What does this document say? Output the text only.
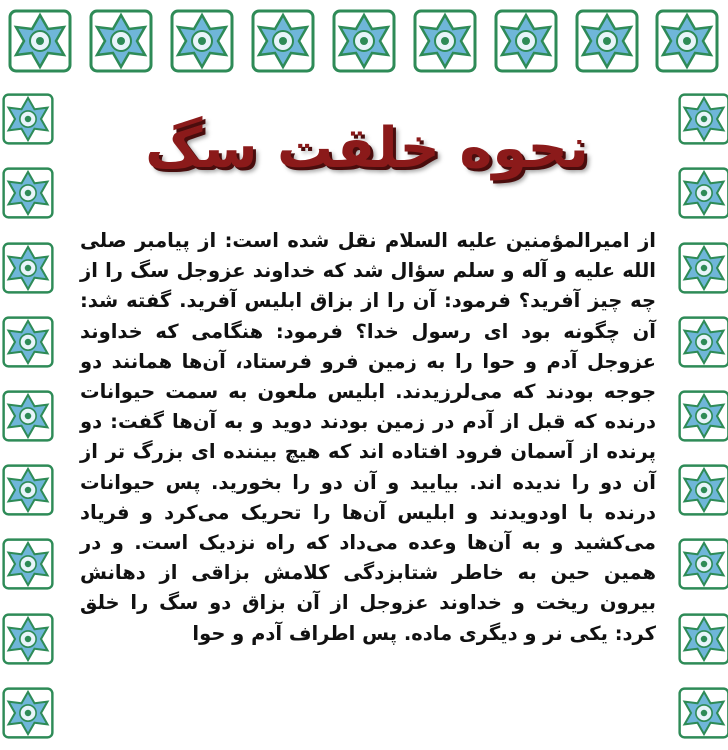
نحوه خلقت سگ
از امیرالمؤمنین علیه السلام نقل شده است: از پیامبر صلی الله علیه و آله و سلم سؤال شد که خداوند عزوجل سگ را از چه چیز آفرید؟ فرمود: آن را از بزاق ابلیس آفرید. گفته شد: آن چگونه بود ای رسول خدا؟ فرمود: هنگامی که خداوند عزوجل آدم و حوا را به زمین فرو فرستاد، آن‌ها همانند دو جوجه بودند که می‌لرزیدند. ابلیس ملعون به سمت حیوانات درنده که قبل از آدم در زمین بودند دوید و به آن‌ها گفت: دو پرنده از آسمان فرود افتاده اند که هیچ بیننده ای بزرگ تر از آن دو را ندیده اند. بیایید و آن دو را بخورید. پس حیوانات درنده با اودویدند و ابلیس آن‌ها را تحریک می‌کرد و فریاد می‌کشید و به آن‌ها وعده می‌داد که راه نزدیک است. و در همین حین به خاطر شتابزدگی کلامش بزاقی از دهانش بیرون ریخت و خداوند عزوجل از آن بزاق دو سگ را خلق کرد: یکی نر و دیگری ماده. پس اطراف آدم و حوا
